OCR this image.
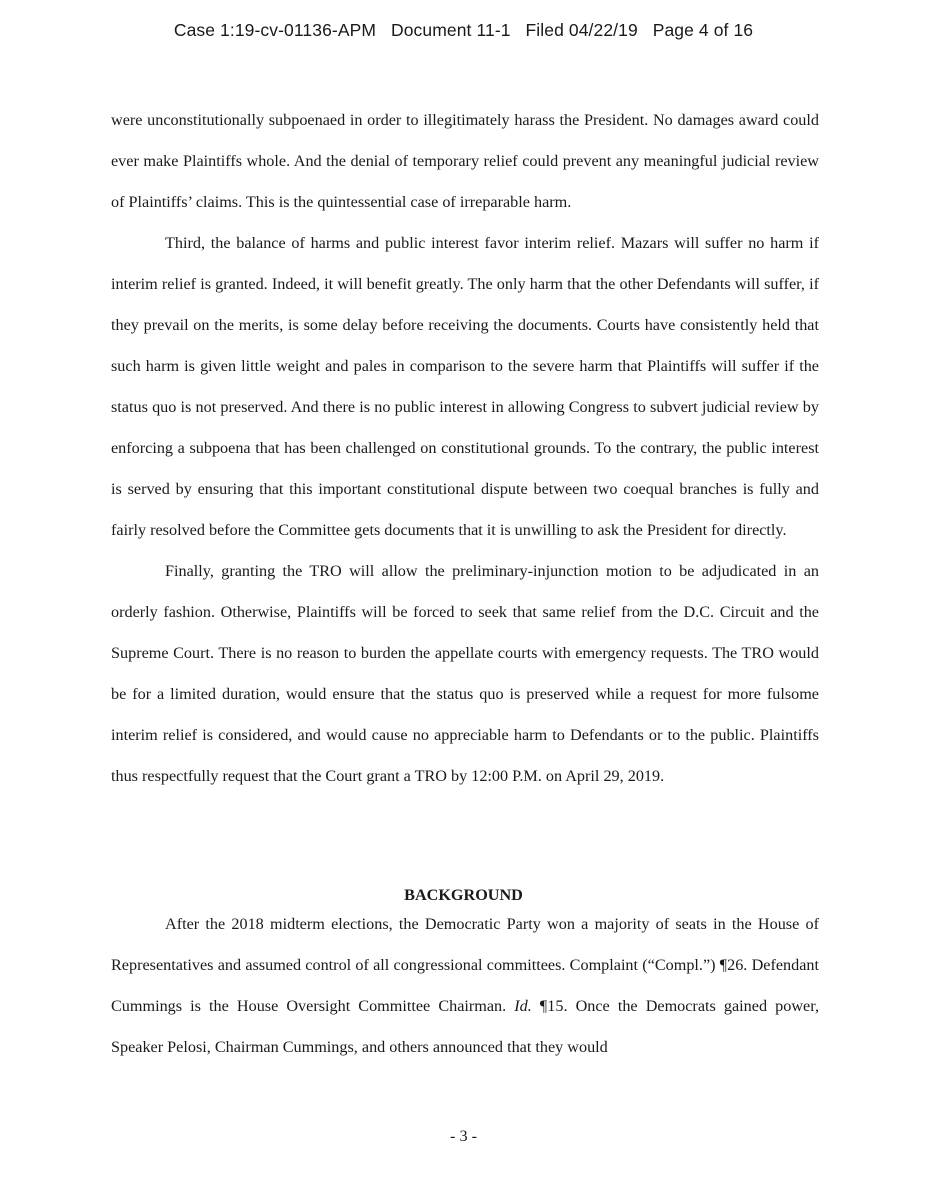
Case 1:19-cv-01136-APM   Document 11-1   Filed 04/22/19   Page 4 of 16

were unconstitutionally subpoenaed in order to illegitimately harass the President. No damages award could ever make Plaintiffs whole. And the denial of temporary relief could prevent any meaningful judicial review of Plaintiffs’ claims. This is the quintessential case of irreparable harm.

Third, the balance of harms and public interest favor interim relief. Mazars will suffer no harm if interim relief is granted. Indeed, it will benefit greatly. The only harm that the other Defendants will suffer, if they prevail on the merits, is some delay before receiving the documents. Courts have consistently held that such harm is given little weight and pales in comparison to the severe harm that Plaintiffs will suffer if the status quo is not preserved. And there is no public interest in allowing Congress to subvert judicial review by enforcing a subpoena that has been challenged on constitutional grounds. To the contrary, the public interest is served by ensuring that this important constitutional dispute between two coequal branches is fully and fairly resolved before the Committee gets documents that it is unwilling to ask the President for directly.

Finally, granting the TRO will allow the preliminary-injunction motion to be adjudicated in an orderly fashion. Otherwise, Plaintiffs will be forced to seek that same relief from the D.C. Circuit and the Supreme Court. There is no reason to burden the appellate courts with emergency requests. The TRO would be for a limited duration, would ensure that the status quo is preserved while a request for more fulsome interim relief is considered, and would cause no appreciable harm to Defendants or to the public. Plaintiffs thus respectfully request that the Court grant a TRO by 12:00 P.M. on April 29, 2019.

BACKGROUND

After the 2018 midterm elections, the Democratic Party won a majority of seats in the House of Representatives and assumed control of all congressional committees. Complaint (“Compl.”) ¶26. Defendant Cummings is the House Oversight Committee Chairman. Id. ¶15. Once the Democrats gained power, Speaker Pelosi, Chairman Cummings, and others announced that they would

- 3 -
